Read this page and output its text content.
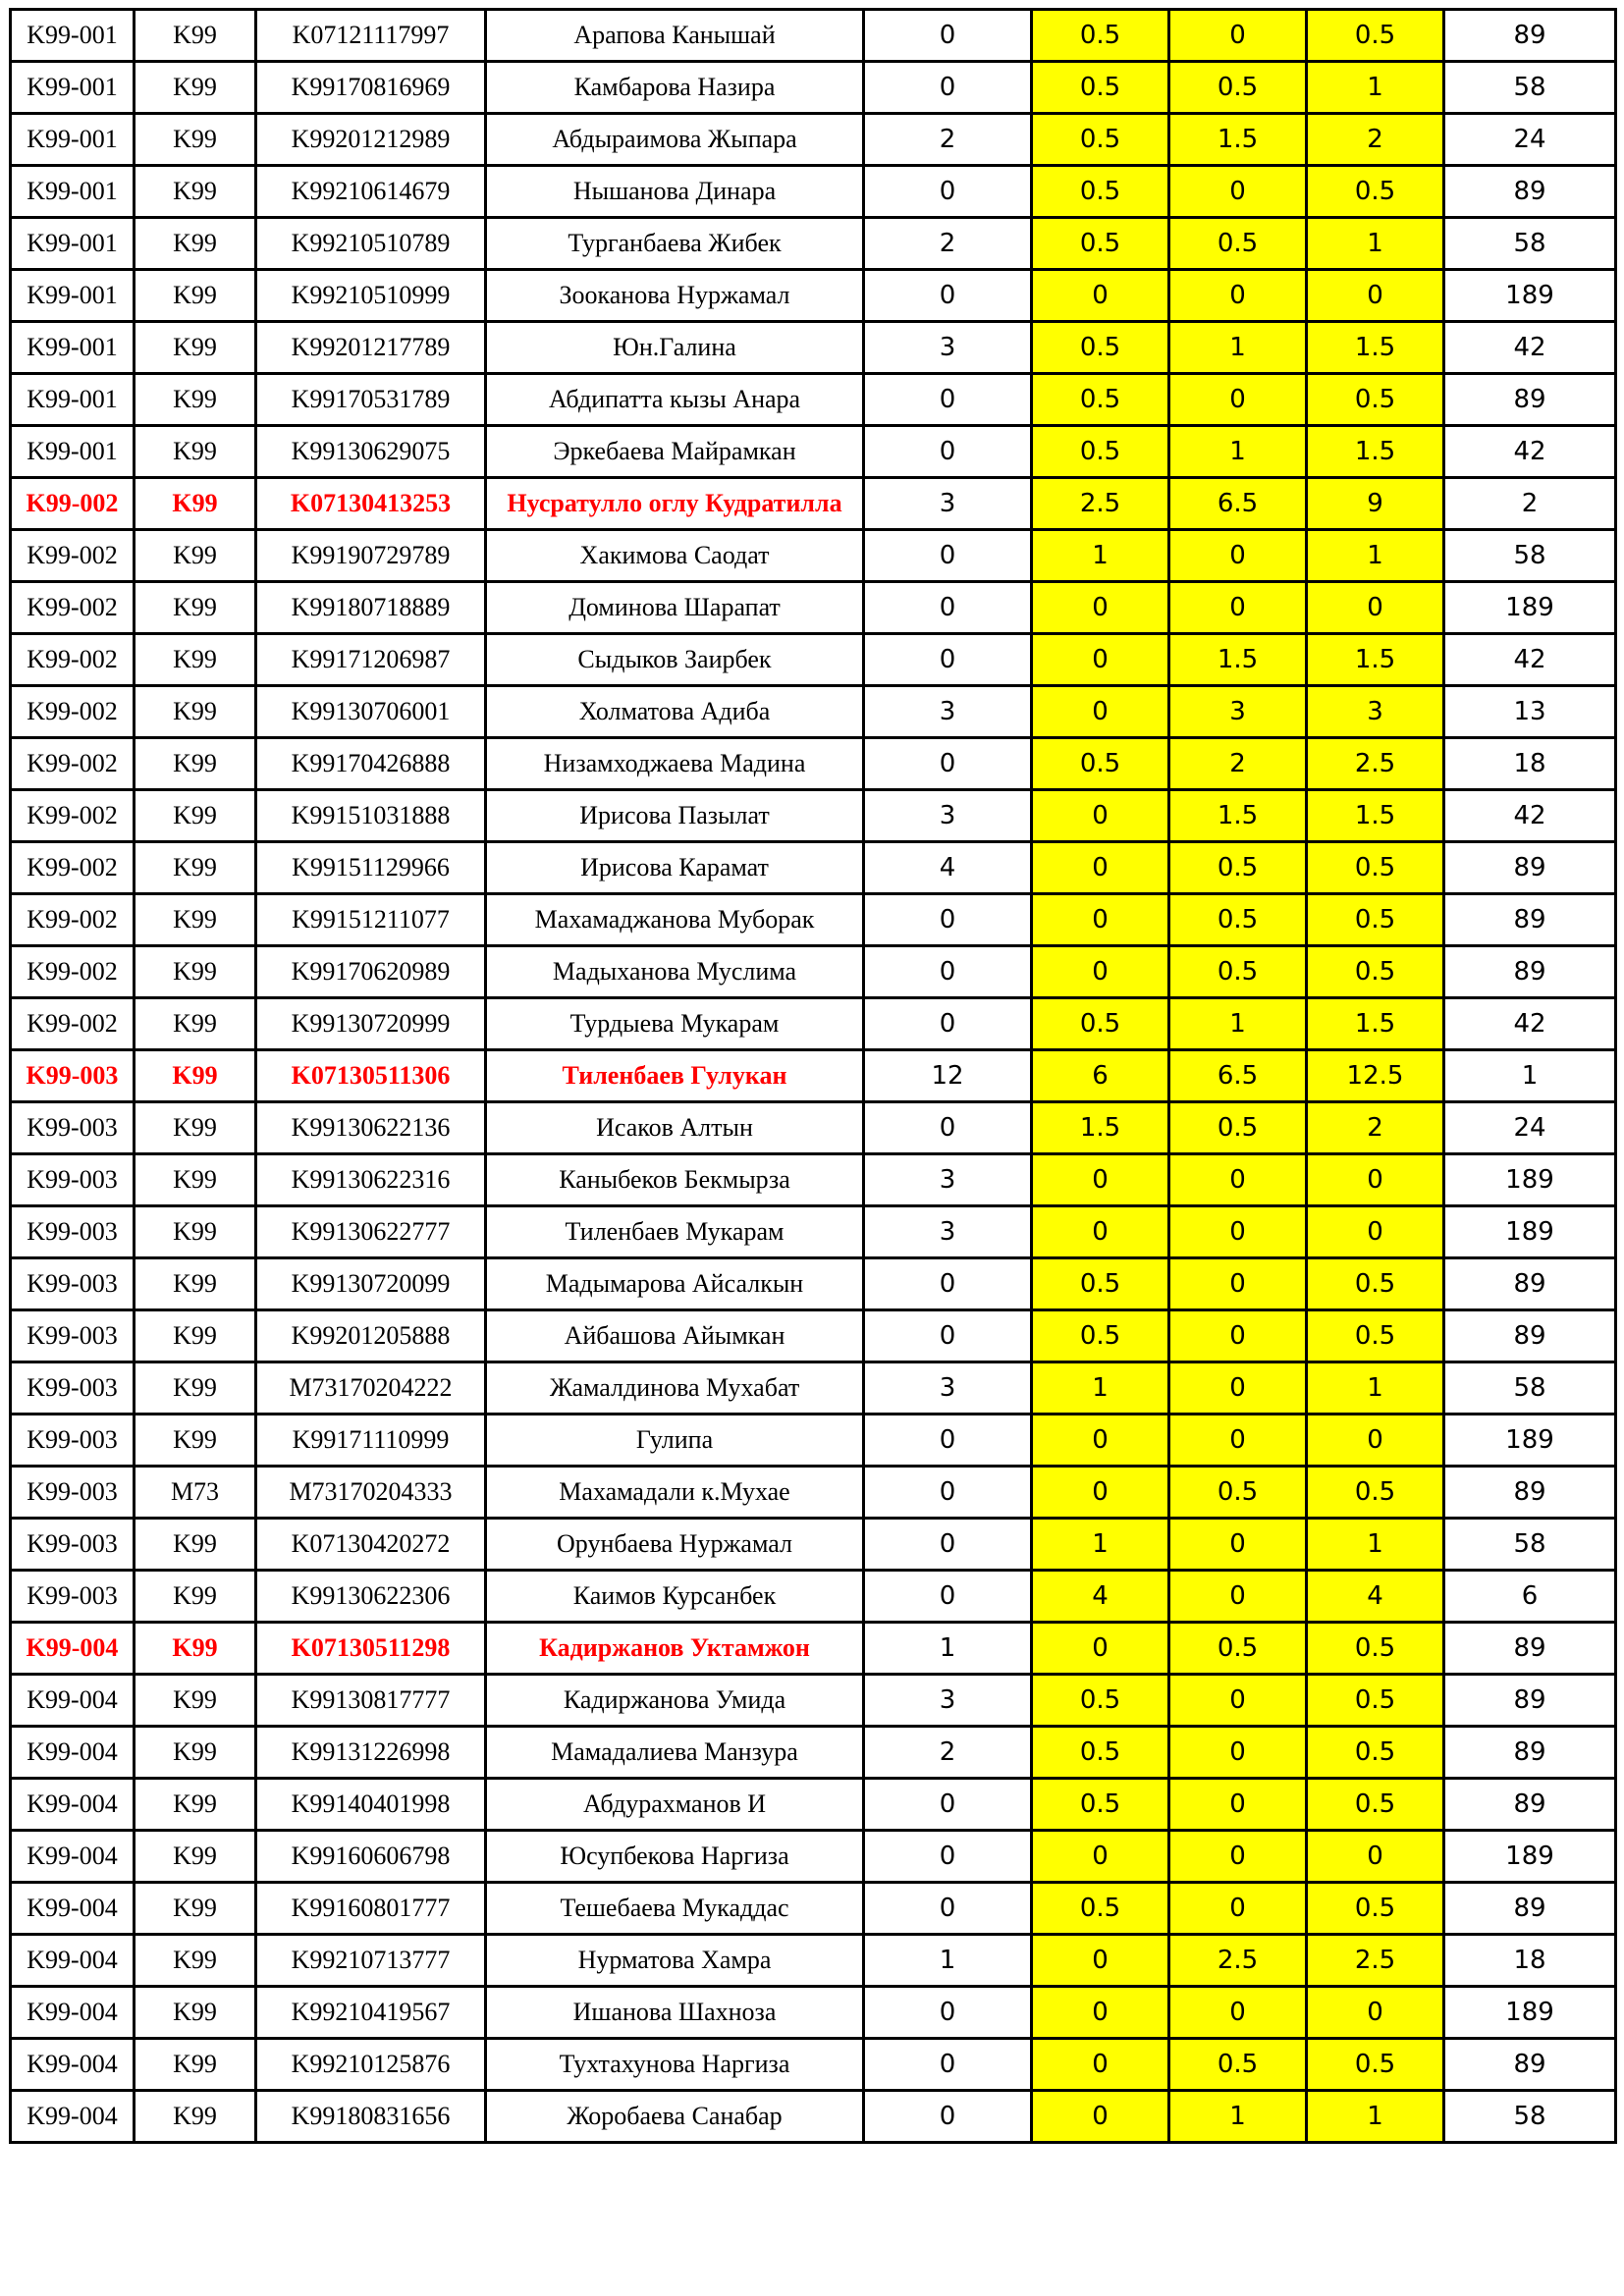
K99-001	K99	K07121117997	Арапова Канышай	0	0.5	0	0.5	89
K99-001	K99	K99170816969	Камбарова Назира	0	0.5	0.5	1	58
K99-001	K99	K99201212989	Абдыраимова Жыпара	2	0.5	1.5	2	24
K99-001	K99	K99210614679	Нышанова Динара	0	0.5	0	0.5	89
K99-001	K99	K99210510789	Турганбаева Жибек	2	0.5	0.5	1	58
K99-001	K99	K99210510999	Зооканова Нуржамал	0	0	0	0	189
K99-001	K99	K99201217789	Юн.Галина	3	0.5	1	1.5	42
K99-001	K99	K99170531789	Абдипатта кызы Анара	0	0.5	0	0.5	89
K99-001	K99	K99130629075	Эркебаева Майрамкан	0	0.5	1	1.5	42
K99-002	K99	K07130413253	Нусратулло оглу Кудратилла	3	2.5	6.5	9	2
K99-002	K99	K99190729789	Хакимова Саодат	0	1	0	1	58
K99-002	K99	K99180718889	Доминова Шарапат	0	0	0	0	189
K99-002	K99	K99171206987	Сыдыков Заирбек	0	0	1.5	1.5	42
K99-002	K99	K99130706001	Холматова Адиба	3	0	3	3	13
K99-002	K99	K99170426888	Низамходжаева Мадина	0	0.5	2	2.5	18
K99-002	K99	K99151031888	Ирисова Пазылат	3	0	1.5	1.5	42
K99-002	K99	K99151129966	Ирисова Карамат	4	0	0.5	0.5	89
K99-002	K99	K99151211077	Махамаджанова Муборак	0	0	0.5	0.5	89
K99-002	K99	K99170620989	Мадыханова Муслима	0	0	0.5	0.5	89
K99-002	K99	K99130720999	Турдыева Мукарам	0	0.5	1	1.5	42
K99-003	K99	K07130511306	Тиленбаев Гулукан	12	6	6.5	12.5	1
K99-003	K99	K99130622136	Исаков Алтын	0	1.5	0.5	2	24
K99-003	K99	K99130622316	Каныбеков Бекмырза	3	0	0	0	189
K99-003	K99	K99130622777	Тиленбаев Мукарам	3	0	0	0	189
K99-003	K99	K99130720099	Мадымарова Айсалкын	0	0.5	0	0.5	89
K99-003	K99	K99201205888	Айбашова Айымкан	0	0.5	0	0.5	89
K99-003	K99	M73170204222	Жамалдинова Мухабат	3	1	0	1	58
K99-003	K99	K99171110999	Гулипа	0	0	0	0	189
K99-003	M73	M73170204333	Махамадали к.Мухае	0	0	0.5	0.5	89
K99-003	K99	K07130420272	Орунбаева Нуржамал	0	1	0	1	58
K99-003	K99	K99130622306	Каимов Курсанбек	0	4	0	4	6
K99-004	K99	K07130511298	Кадиржанов Уктамжон	1	0	0.5	0.5	89
K99-004	K99	K99130817777	Кадиржанова Умида	3	0.5	0	0.5	89
K99-004	K99	K99131226998	Мамадалиева Манзура	2	0.5	0	0.5	89
K99-004	K99	K99140401998	Абдурахманов И	0	0.5	0	0.5	89
K99-004	K99	K99160606798	Юсупбекова Наргиза	0	0	0	0	189
K99-004	K99	K99160801777	Тешебаева Мукаддас	0	0.5	0	0.5	89
K99-004	K99	K99210713777	Нурматова Хамра	1	0	2.5	2.5	18
K99-004	K99	K99210419567	Ишанова Шахноза	0	0	0	0	189
K99-004	K99	K99210125876	Тухтахунова Наргиза	0	0	0.5	0.5	89
K99-004	K99	K99180831656	Жоробаева Санабар	0	0	1	1	58
